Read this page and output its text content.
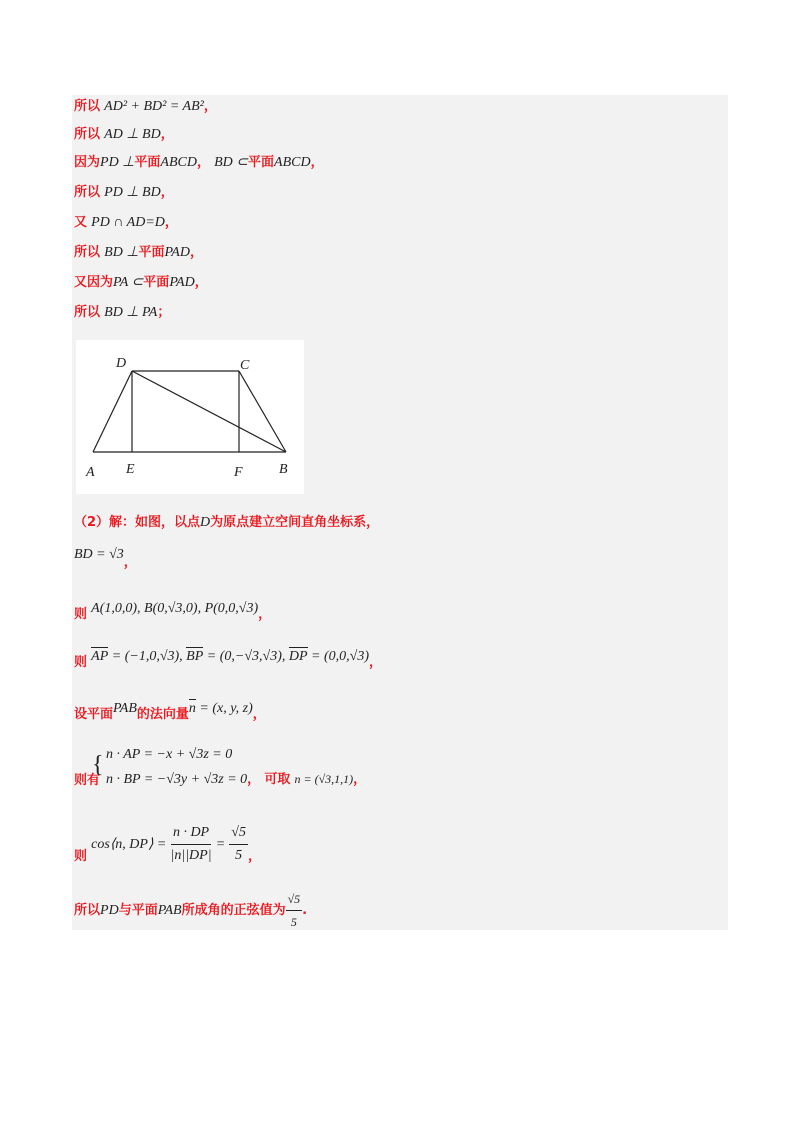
所以 AD² + BD² = AB²，
所以 AD ⊥ BD，
因为PD ⊥平面ABCD， BD ⊂平面ABCD，
所以 PD ⊥ BD，
又 PD ∩ AD=D，
所以 BD ⊥平面PAD，
又因为PA ⊂平面PAD，
所以 BD ⊥ PA；
D	C
A E	F	B
（2）解：如图，以点D为原点建立空间直角坐标系，
BD = √3，
则 A(1,0,0), B(0,√3,0), P(0,0,√3)，
则 AP = (−1,0,√3), BP = (0,−√3,√3), DP = (0,0,√3)，
设平面PAB的法向量n = (x, y, z)，
则有
{ n · AP = −x + √3z = 0
n · BP = −√3y + √3z = 0， 可取 n = (√3,1,1)，
则 cos⟨n, DP⟩ = $\frac{n \cdot DP}{|n||DP|} = \frac{√5}{5}$ ，
所以PD与平面PAB所成角的正弦值为 $\frac{√5}{5}$ .
